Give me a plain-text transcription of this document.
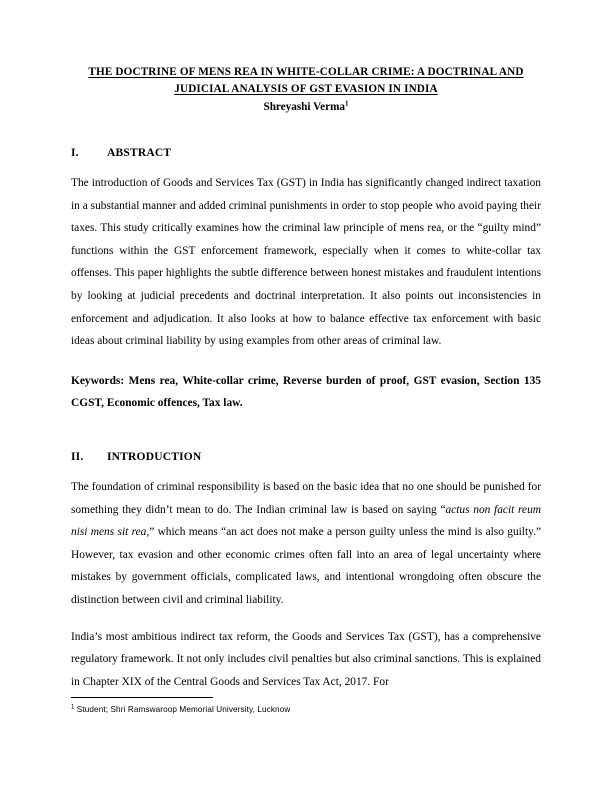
THE DOCTRINE OF MENS REA IN WHITE-COLLAR CRIME: A DOCTRINAL AND
JUDICIAL ANALYSIS OF GST EVASION IN INDIA
Shreyashi Verma$^1$
I.	ABSTRACT

The introduction of Goods and Services Tax (GST) in India has significantly changed indirect taxation in a substantial manner and added criminal punishments in order to stop people who avoid paying their taxes. This study critically examines how the criminal law principle of mens rea, or the “guilty mind” functions within the GST enforcement framework, especially when it comes to white-collar tax offenses. This paper highlights the subtle difference between honest mistakes and fraudulent intentions by looking at judicial precedents and doctrinal interpretation. It also points out inconsistencies in enforcement and adjudication. It also looks at how to balance effective tax enforcement with basic ideas about criminal liability by using examples from other areas of criminal law.

Keywords: Mens rea, White-collar crime, Reverse burden of proof, GST evasion, Section 135 CGST, Economic offences, Tax law.

II.	INTRODUCTION

The foundation of criminal responsibility is based on the basic idea that no one should be punished for something they didn’t mean to do. The Indian criminal law is based on saying “actus non facit reum nisi mens sit rea,” which means “an act does not make a person guilty unless the mind is also guilty.” However, tax evasion and other economic crimes often fall into an area of legal uncertainty where mistakes by government officials, complicated laws, and intentional wrongdoing often obscure the distinction between civil and criminal liability.

India’s most ambitious indirect tax reform, the Goods and Services Tax (GST), has a comprehensive regulatory framework. It not only includes civil penalties but also criminal sanctions. This is explained in Chapter XIX of the Central Goods and Services Tax Act, 2017. For

$^1$ Student; Shri Ramswaroop Memorial University, Lucknow
